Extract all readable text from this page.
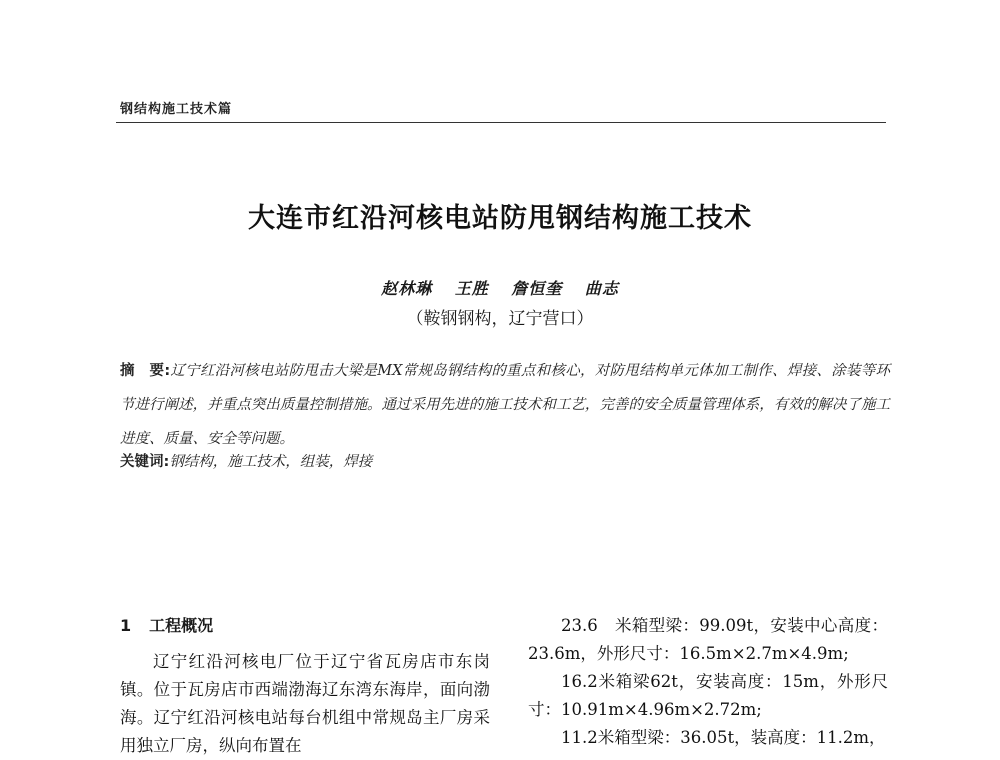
钢结构施工技术篇
大连市红沿河核电站防甩钢结构施工技术
赵林琳 王胜 詹恒奎 曲志
（鞍钢钢构，辽宁营口）
摘　要:辽宁红沿河核电站防甩击大梁是MX常规岛钢结构的重点和核心，对防甩结构单元体加工制作、焊接、涂装等环节进行阐述，并重点突出质量控制措施。通过采用先进的施工技术和工艺，完善的安全质量管理体系，有效的解决了施工进度、质量、安全等问题。
关键词:钢结构，施工技术，组装，焊接
1 工程概况
辽宁红沿河核电厂位于辽宁省瓦房店市东岗镇。位于瓦房店市西端渤海辽东湾东海岸，面向渤海。辽宁红沿河核电站每台机组中常规岛主厂房采用独立厂房，纵向布置在

23.6　米箱型梁：99.09t，安装中心高度：23.6m，外形尺寸：16.5m×2.7m×4.9m;

16.2米箱梁62t，安装高度：15m，外形尺寸：10.91m×4.96m×2.72m;

11.2米箱型梁：36.05t，装高度：11.2m，
